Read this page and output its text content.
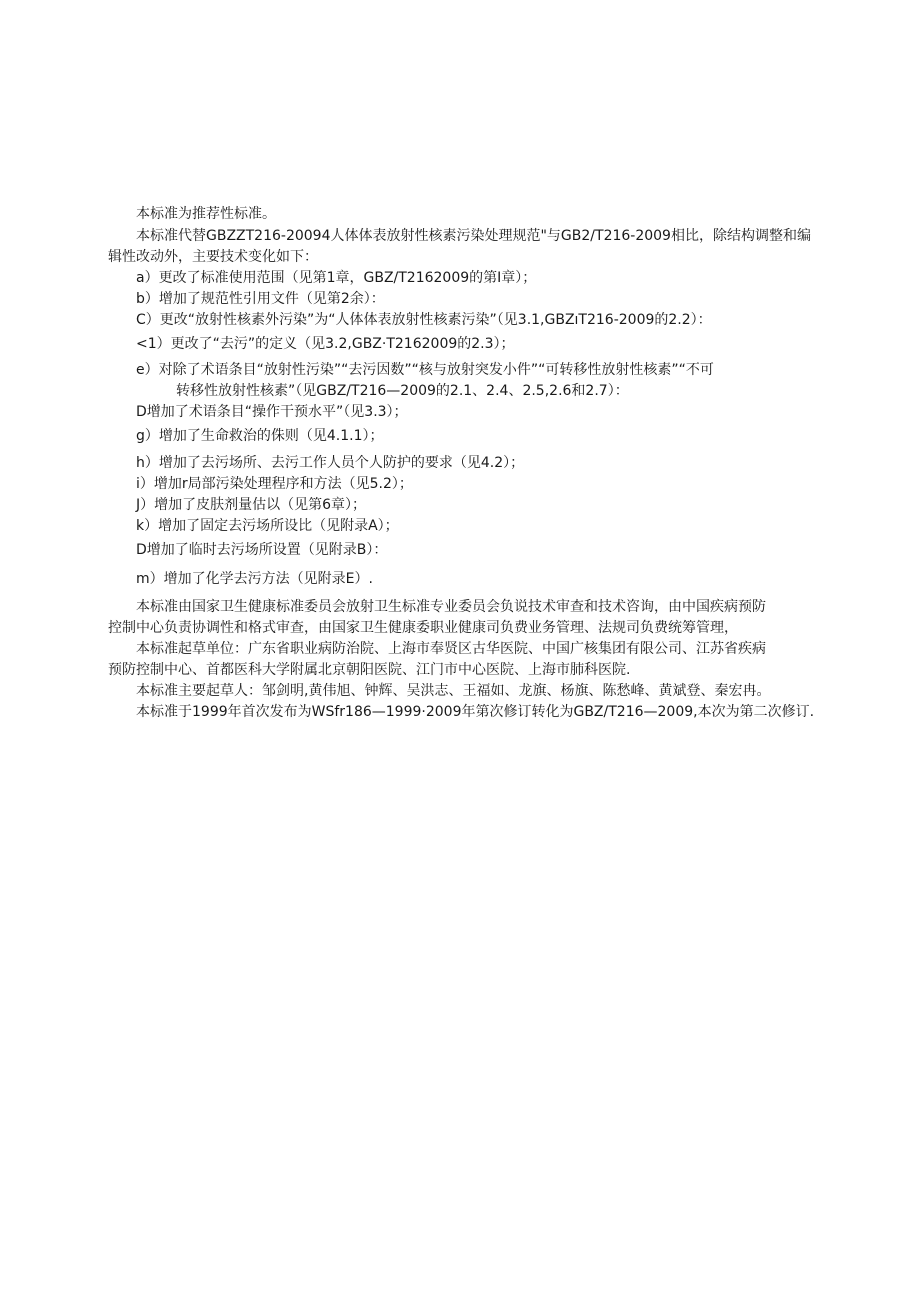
本标准为推荐性标准。
本标准代替GBZZT216-20094人体体表放射性核素污染处理规范"与GB2/T216-2009相比，除结构调整和编
辑性改动外，主要技术变化如下：
a）更改了标准使用范围（见第1章，GBZ/T2162009的第I章）；
b）增加了规范性引用文件（见第2余）：
C）更改“放射性核素外污染”为“人体体表放射性核素污染”（见3.1,GBZıT216-2009的2.2）：
<1）更改了“去污”的定义（见3.2,GBZ·T2162009的2.3）；
e）对除了术语条目“放射性污染”“去污因数”“核与放射突发小件”“可转移性放射性核素”“不可
转移性放射性核素”（见GBZ/T216—2009的2.1、2.4、2.5,2.6和2.7）：
D增加了术语条目“操作干预水平”（见3.3）；
g）增加了生命救治的侏则（见4.1.1）；
h）增加了去污场所、去污工作人员个人防护的要求（见4.2）；
i）增加r局部污染处理程序和方法（见5.2）；
J）增加了皮肤剂量估以（见第6章）；
k）增加了固定去污场所设比（见附录A）；
D增加了临时去污场所设置（见附录B）：
m）增加了化学去污方法（见附录E）.
本标准由国家卫生健康标准委员会放射卫生标准专业委员会负说技术审查和技术咨询，由中国疾病预防
控制中心负责协调性和格式审查，由国家卫生健康委职业健康司负费业务管理、法规司负费统筹管理，
本标准起草单位：广东省职业病防治院、上海市奉贤区古华医院、中国广核集团有限公司、江苏省疾病
预防控制中心、首都医科大学附属北京朝阳医院、江门市中心医院、上海市肺科医院.
本标准主要起草人：邹剑明,黄伟旭、钟辉、吴洪志、王福如、龙旗、杨旗、陈愁峰、黄斌登、秦宏冉。
本标准于1999年首次发布为WSfr186—1999·2009年第次修订转化为GBZ/T216—2009,本次为第二次修订.
